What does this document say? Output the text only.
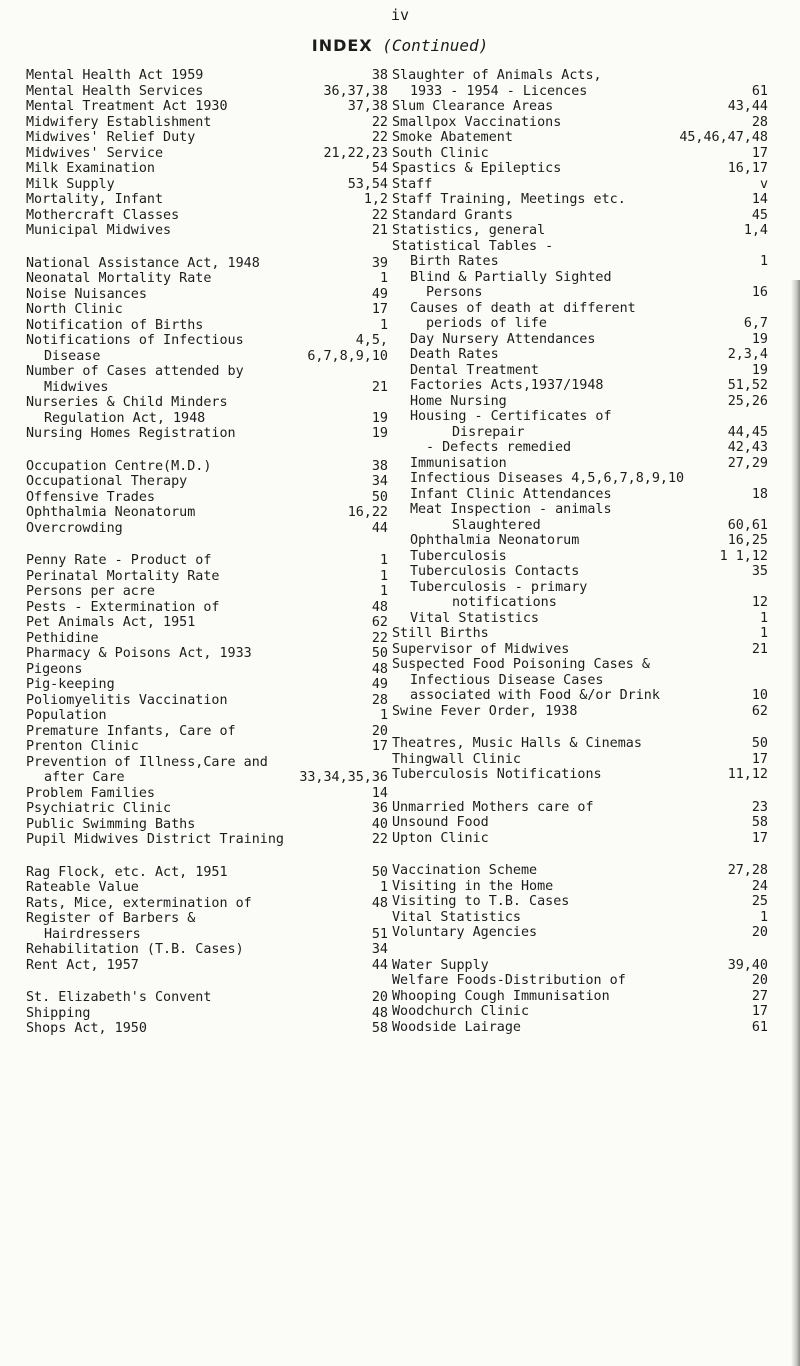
iv
INDEX (Continued)
Mental Health Act 1959	38
Mental Health Services	36,37,38
Mental Treatment Act 1930	37,38
Midwifery Establishment	22
Midwives' Relief Duty	22
Midwives' Service	21,22,23
Milk Examination	54
Milk Supply	53,54
Mortality, Infant	1,2
Mothercraft Classes	22
Municipal Midwives	21
National Assistance Act, 1948	39
Neonatal Mortality Rate	1
Noise Nuisances	49
North Clinic	17
Notification of Births	1
Notifications of Infectious	4,5,
Disease	6,7,8,9,10
Number of Cases attended by
Midwives	21
Nurseries & Child Minders
Regulation Act, 1948	19
Nursing Homes Registration	19
Occupation Centre(M.D.)	38
Occupational Therapy	34
Offensive Trades	50
Ophthalmia Neonatorum	16,22
Overcrowding	44
Penny Rate - Product of	1
Perinatal Mortality Rate	1
Persons per acre	1
Pests - Extermination of	48
Pet Animals Act, 1951	62
Pethidine	22
Pharmacy & Poisons Act, 1933	50
Pigeons	48
Pig-keeping	49
Poliomyelitis Vaccination	28
Population	1
Premature Infants, Care of	20
Prenton Clinic	17
Prevention of Illness,Care and
after Care	33,34,35,36
Problem Families	14
Psychiatric Clinic	36
Public Swimming Baths	40
Pupil Midwives District Training	22
Rag Flock, etc. Act, 1951	50
Rateable Value	1
Rats, Mice, extermination of	48
Register of Barbers &
Hairdressers	51
Rehabilitation (T.B. Cases)	34
Rent Act, 1957	44
St. Elizabeth's Convent	20
Shipping	48
Shops Act, 1950	58
Slaughter of Animals Acts,
1933 - 1954 - Licences	61
Slum Clearance Areas	43,44
Smallpox Vaccinations	28
Smoke Abatement	45,46,47,48
South Clinic	17
Spastics & Epileptics	16,17
Staff	v
Staff Training, Meetings etc.	14
Standard Grants	45
Statistics, general	1,4
Statistical Tables -
Birth Rates	1
Blind & Partially Sighted
Persons	16
Causes of death at different
periods of life	6,7
Day Nursery Attendances	19
Death Rates	2,3,4
Dental Treatment	19
Factories Acts,1937/1948	51,52
Home Nursing	25,26
Housing - Certificates of
Disrepair	44,45
- Defects remedied	42,43
Immunisation	27,29
Infectious Diseases 4,5,6,7,8,9,10
Infant Clinic Attendances	18
Meat Inspection - animals
Slaughtered	60,61
Ophthalmia Neonatorum	16,25
Tuberculosis	1 1,12
Tuberculosis Contacts	35
Tuberculosis - primary
notifications	12
Vital Statistics	1
Still Births	1
Supervisor of Midwives	21
Suspected Food Poisoning Cases &
Infectious Disease Cases
associated with Food &/or Drink	10
Swine Fever Order, 1938	62
Theatres, Music Halls & Cinemas	50
Thingwall Clinic	17
Tuberculosis Notifications	11,12
Unmarried Mothers care of	23
Unsound Food	58
Upton Clinic	17
Vaccination Scheme	27,28
Visiting in the Home	24
Visiting to T.B. Cases	25
Vital Statistics	1
Voluntary Agencies	20
Water Supply	39,40
Welfare Foods-Distribution of	20
Whooping Cough Immunisation	27
Woodchurch Clinic	17
Woodside Lairage	61
